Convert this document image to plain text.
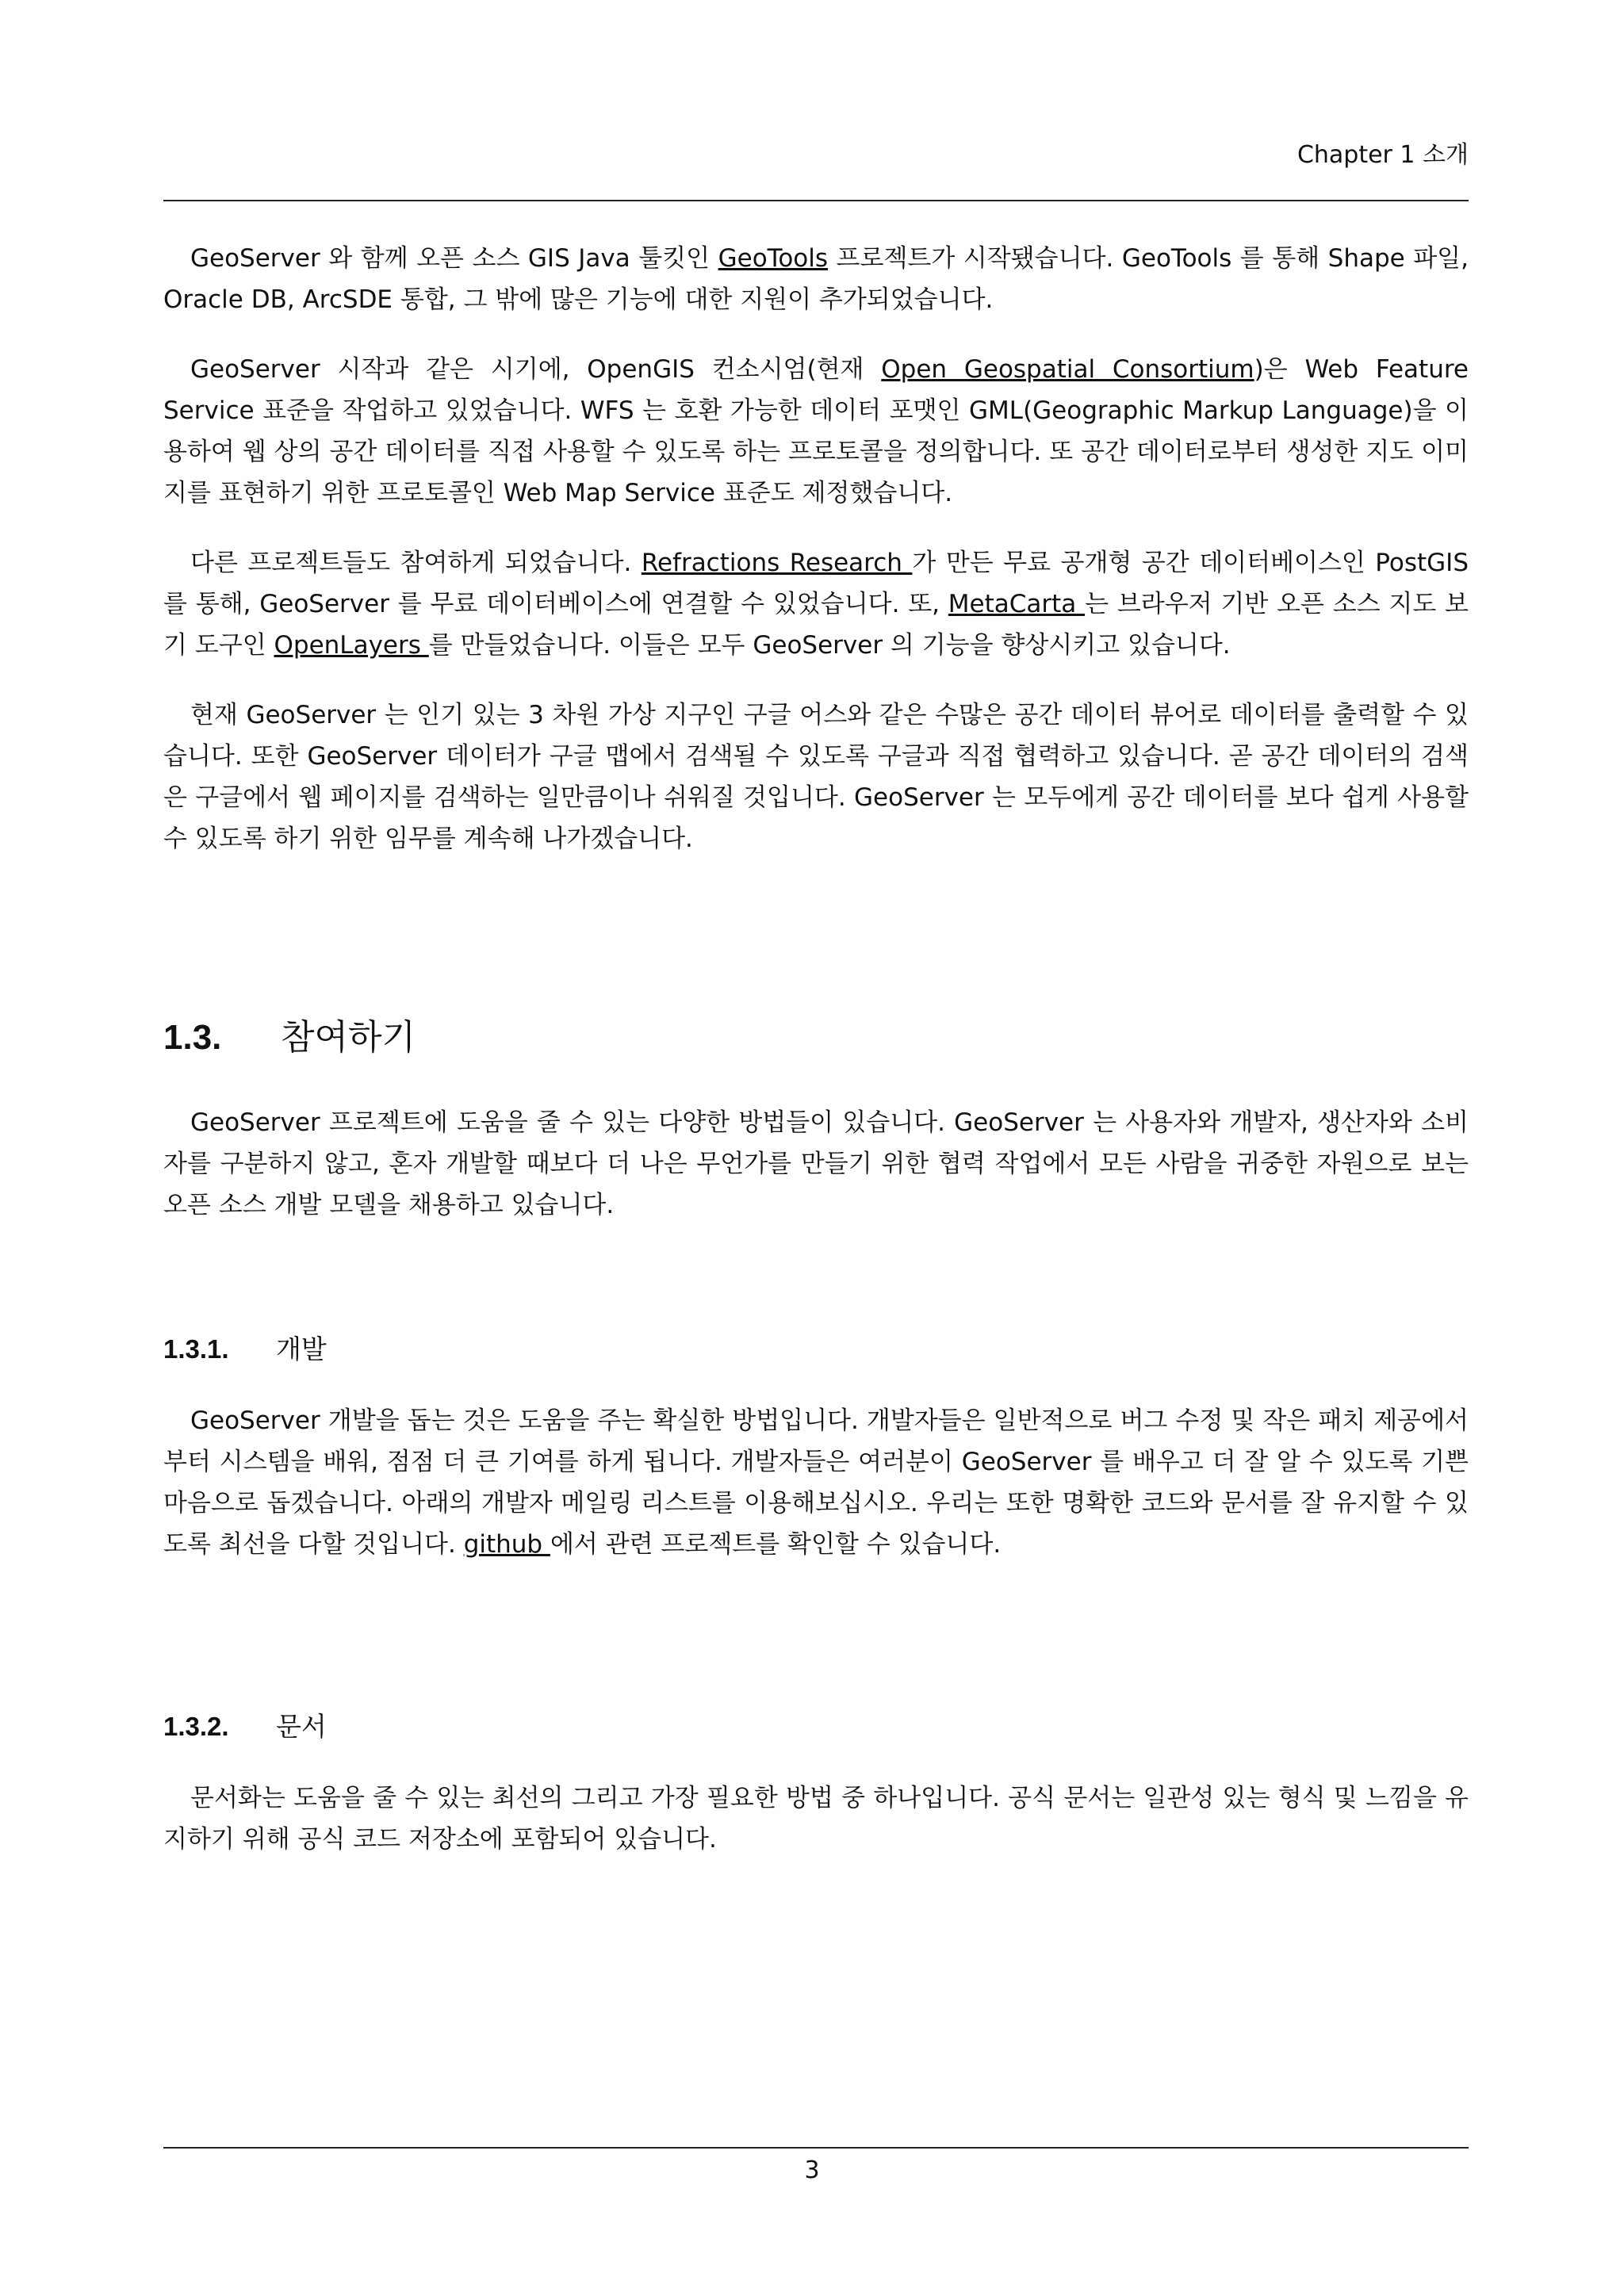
Chapter 1 소개

GeoServer 와 함께 오픈 소스 GIS Java 툴킷인 GeoTools 프로젝트가 시작됐습니다. GeoTools 를 통해 Shape 파일, Oracle DB, ArcSDE 통합, 그 밖에 많은 기능에 대한 지원이 추가되었습니다.

GeoServer 시작과 같은 시기에, OpenGIS 컨소시엄(현재 Open Geospatial Consortium)은 Web Feature Service 표준을 작업하고 있었습니다. WFS 는 호환 가능한 데이터 포맷인 GML(Geographic Markup Language)을 이용하여 웹 상의 공간 데이터를 직접 사용할 수 있도록 하는 프로토콜을 정의합니다. 또 공간 데이터로부터 생성한 지도 이미지를 표현하기 위한 프로토콜인 Web Map Service 표준도 제정했습니다.

다른 프로젝트들도 참여하게 되었습니다. Refractions Research 가 만든 무료 공개형 공간 데이터베이스인 PostGIS 를 통해, GeoServer 를 무료 데이터베이스에 연결할 수 있었습니다. 또, MetaCarta 는 브라우저 기반 오픈 소스 지도 보기 도구인 OpenLayers 를 만들었습니다. 이들은 모두 GeoServer 의 기능을 향상시키고 있습니다.

현재 GeoServer 는 인기 있는 3 차원 가상 지구인 구글 어스와 같은 수많은 공간 데이터 뷰어로 데이터를 출력할 수 있습니다. 또한 GeoServer 데이터가 구글 맵에서 검색될 수 있도록 구글과 직접 협력하고 있습니다. 곧 공간 데이터의 검색은 구글에서 웹 페이지를 검색하는 일만큼이나 쉬워질 것입니다. GeoServer 는 모두에게 공간 데이터를 보다 쉽게 사용할 수 있도록 하기 위한 임무를 계속해 나가겠습니다.

1.3. 참여하기

GeoServer 프로젝트에 도움을 줄 수 있는 다양한 방법들이 있습니다. GeoServer 는 사용자와 개발자, 생산자와 소비자를 구분하지 않고, 혼자 개발할 때보다 더 나은 무언가를 만들기 위한 협력 작업에서 모든 사람을 귀중한 자원으로 보는 오픈 소스 개발 모델을 채용하고 있습니다.

1.3.1. 개발

GeoServer 개발을 돕는 것은 도움을 주는 확실한 방법입니다. 개발자들은 일반적으로 버그 수정 및 작은 패치 제공에서부터 시스템을 배워, 점점 더 큰 기여를 하게 됩니다. 개발자들은 여러분이 GeoServer 를 배우고 더 잘 알 수 있도록 기쁜 마음으로 돕겠습니다. 아래의 개발자 메일링 리스트를 이용해보십시오. 우리는 또한 명확한 코드와 문서를 잘 유지할 수 있도록 최선을 다할 것입니다. github 에서 관련 프로젝트를 확인할 수 있습니다.

1.3.2. 문서

문서화는 도움을 줄 수 있는 최선의 그리고 가장 필요한 방법 중 하나입니다. 공식 문서는 일관성 있는 형식 및 느낌을 유지하기 위해 공식 코드 저장소에 포함되어 있습니다.

3
